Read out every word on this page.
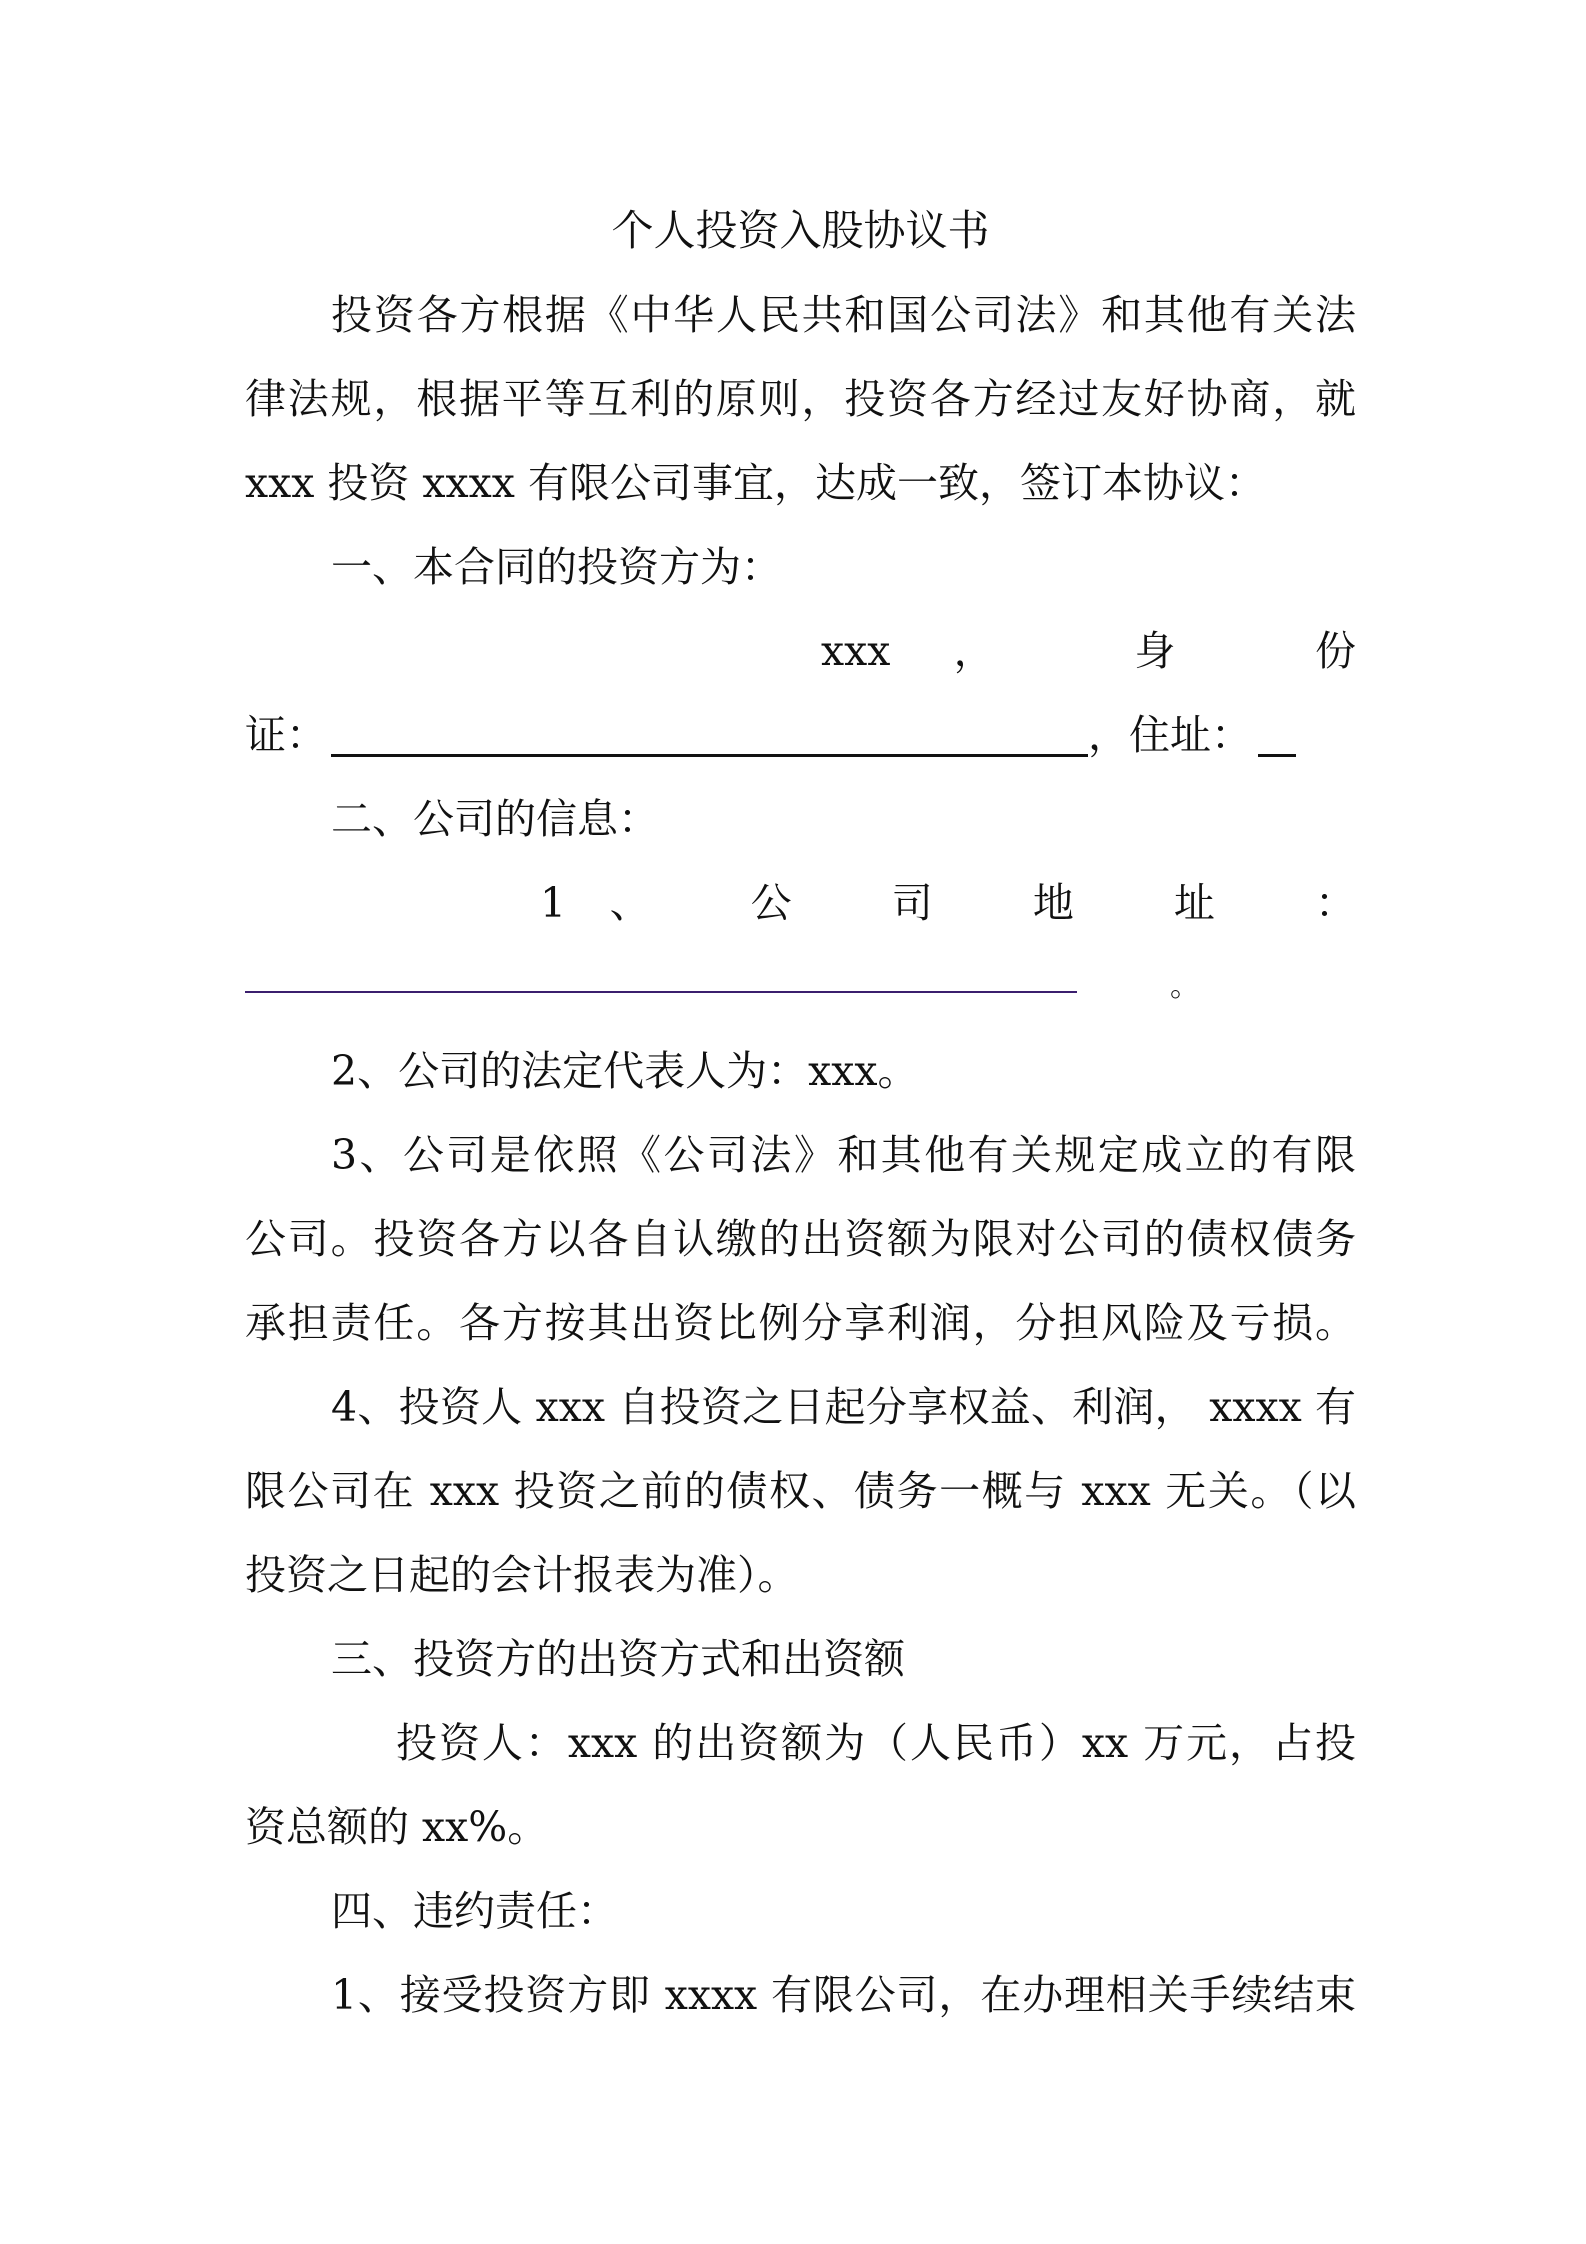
个人投资入股协议书
投资各方根据《中华人民共和国公司法》和其他有关法
律法规，根据平等互利的原则，投资各方经过友好协商，就
xxx 投资 xxxx 有限公司事宜，达成一致，签订本协议：
一、本合同的投资方为：
xxx， 身 份
证：	，住址：
二、公司的信息：
1、 公 司 地 址 ：
。
2、公司的法定代表人为：xxx。
3、公司是依照《公司法》和其他有关规定成立的有限
公司。投资各方以各自认缴的出资额为限对公司的债权债务
承担责任。各方按其出资比例分享利润，分担风险及亏损。
4、投资人 xxx 自投资之日起分享权益、利润， xxxx 有
限公司在 xxx 投资之前的债权、债务一概与 xxx 无关。（以
投资之日起的会计报表为准）。
三、投资方的出资方式和出资额
投资人：xxx 的出资额为（人民币）xx 万元，占投
资总额的 xx%。
四、违约责任：
1、接受投资方即 xxxx 有限公司，在办理相关手续结束
